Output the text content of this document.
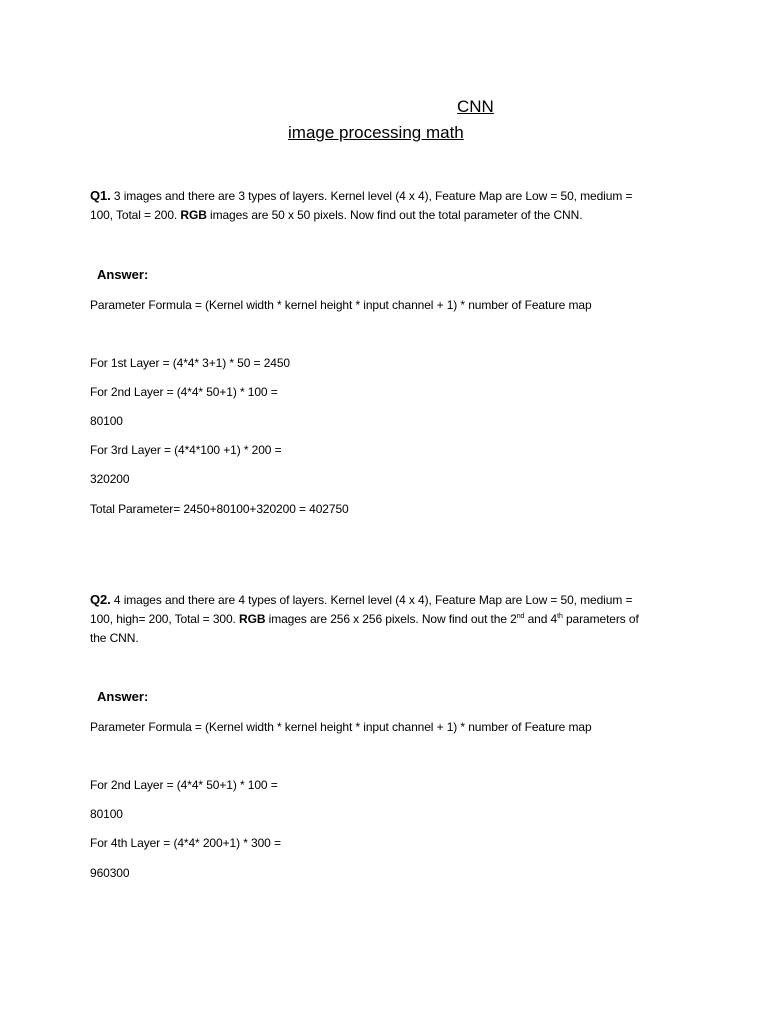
CNN
image processing math
Q1. 3 images and there are 3 types of layers. Kernel level (4 x 4), Feature Map are Low = 50, medium =
100, Total = 200. RGB images are 50 x 50 pixels. Now find out the total parameter of the CNN.
Answer:
Parameter Formula = (Kernel width * kernel height * input channel + 1) * number of Feature map
For 1st Layer = (4*4* 3+1) * 50 = 2450
For 2nd Layer = (4*4* 50+1) * 100 =
80100
For 3rd Layer = (4*4*100 +1) * 200 =
320200
Total Parameter= 2450+80100+320200 = 402750
Q2. 4 images and there are 4 types of layers. Kernel level (4 x 4), Feature Map are Low = 50, medium =
100, high= 200, Total = 300. RGB images are 256 x 256 pixels. Now find out the 2nd and 4th parameters of
the CNN.
Answer:
Parameter Formula = (Kernel width * kernel height * input channel + 1) * number of Feature map
For 2nd Layer = (4*4* 50+1) * 100 =
80100
For 4th Layer = (4*4* 200+1) * 300 =
960300
